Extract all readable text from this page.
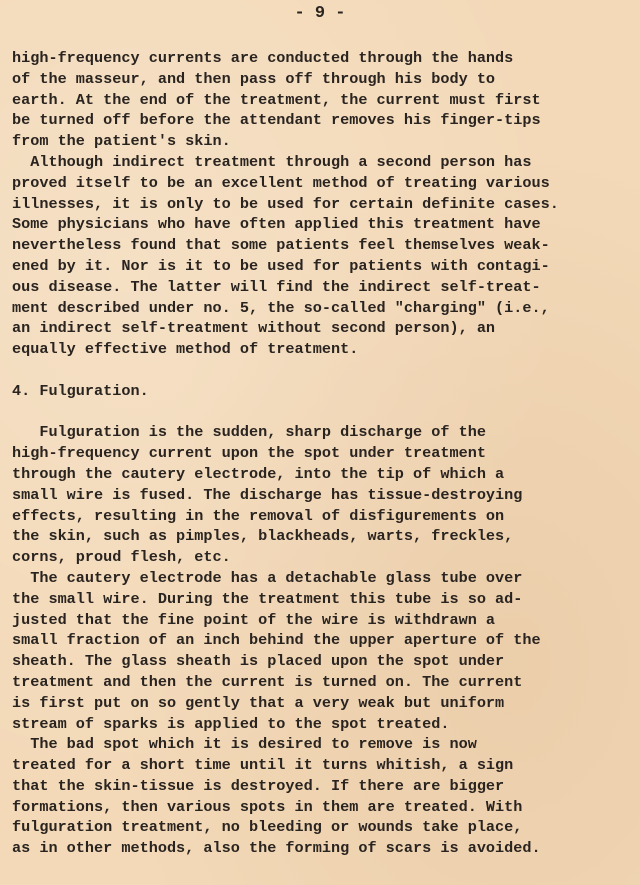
- 9 -
high-frequency currents are conducted through the hands
of the masseur, and then pass off through his body to
earth. At the end of the treatment, the current must first
be turned off before the attendant removes his finger-tips
from the patient's skin.
Although indirect treatment through a second person has
proved itself to be an excellent method of treating various
illnesses, it is only to be used for certain definite cases.
Some physicians who have often applied this treatment have
nevertheless found that some patients feel themselves weak-
ened by it. Nor is it to be used for patients with contagi-
ous disease. The latter will find the indirect self-treat-
ment described under no. 5, the so-called "charging" (i.e.,
an indirect self-treatment without second person), an
equally effective method of treatment.
4. Fulguration.
Fulguration is the sudden, sharp discharge of the
high-frequency current upon the spot under treatment
through the cautery electrode, into the tip of which a
small wire is fused. The discharge has tissue-destroying
effects, resulting in the removal of disfigurements on
the skin, such as pimples, blackheads, warts, freckles,
corns, proud flesh, etc.
The cautery electrode has a detachable glass tube over
the small wire. During the treatment this tube is so ad-
justed that the fine point of the wire is withdrawn a
small fraction of an inch behind the upper aperture of the
sheath. The glass sheath is placed upon the spot under
treatment and then the current is turned on. The current
is first put on so gently that a very weak but uniform
stream of sparks is applied to the spot treated.
The bad spot which it is desired to remove is now
treated for a short time until it turns whitish, a sign
that the skin-tissue is destroyed. If there are bigger
formations, then various spots in them are treated. With
fulguration treatment, no bleeding or wounds take place,
as in other methods, also the forming of scars is avoided.
